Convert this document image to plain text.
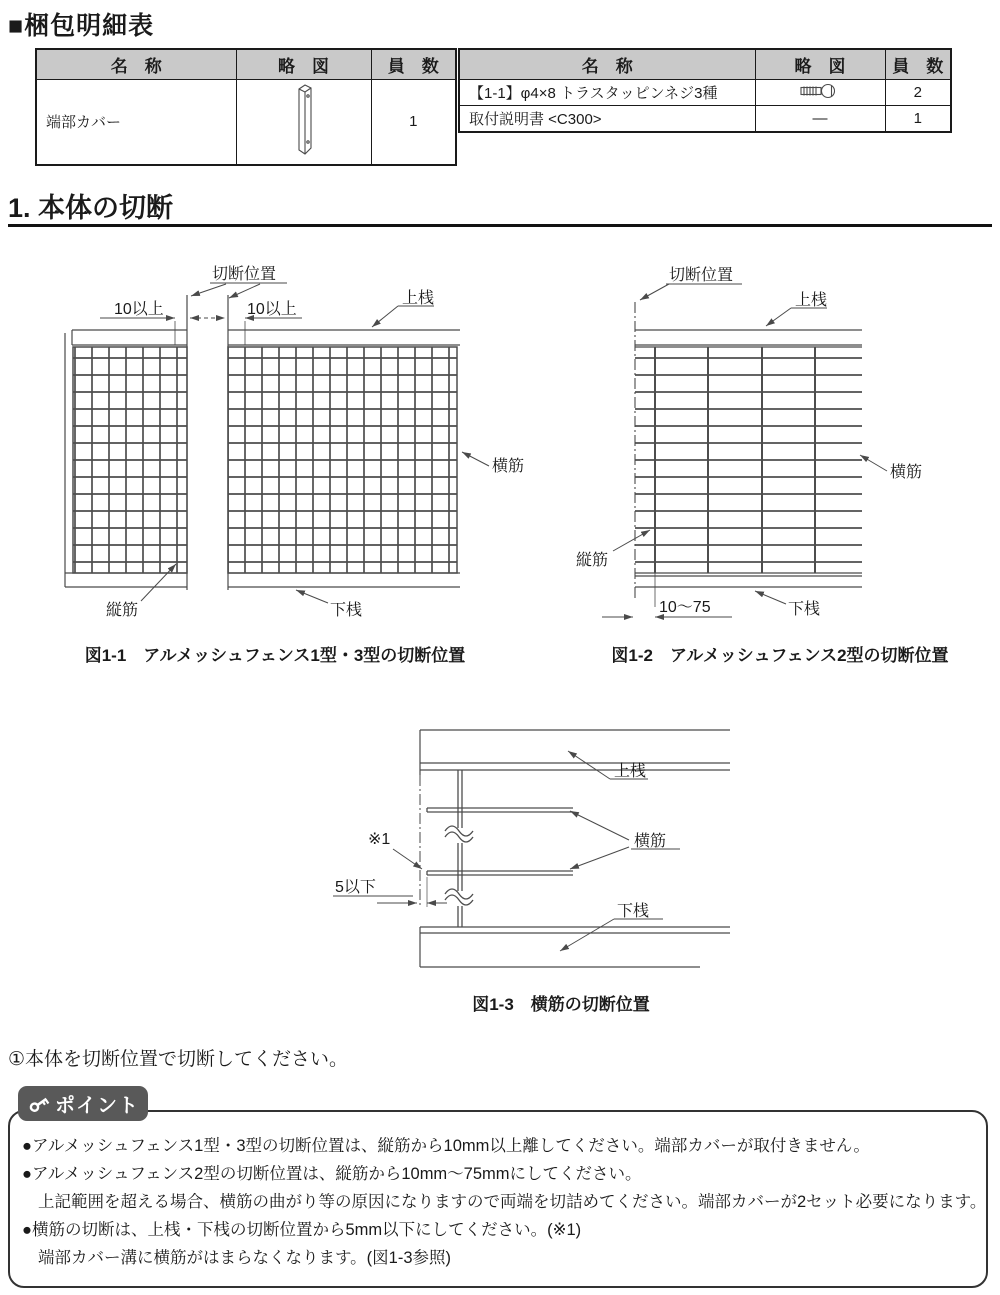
■梱包明細表
名　称	略　図	員　数
端部カバー		1
名　称	略　図	員　数
【1-1】φ4×8 トラスタッピンネジ3種		2
取付説明書 <C300>	―	1
1. 本体の切断
切断位置
10以上	10以上
上桟
横筋
縦筋	下桟
図1-1　アルメッシュフェンス1型・3型の切断位置
切断位置
上桟
横筋
縦筋
下桟
10〜75
図1-2　アルメッシュフェンス2型の切断位置
上桟
横筋
※1
5以下
下桟
図1-3　横筋の切断位置
①本体を切断位置で切断してください。
ポイント
●アルメッシュフェンス1型・3型の切断位置は、縦筋から10mm以上離してください。端部カバーが取付きません。
●アルメッシュフェンス2型の切断位置は、縦筋から10mm〜75mmにしてください。
上記範囲を超える場合、横筋の曲がり等の原因になりますので両端を切詰めてください。端部カバーが2セット必要になります。
●横筋の切断は、上桟・下桟の切断位置から5mm以下にしてください。(※1)
端部カバー溝に横筋がはまらなくなります。(図1-3参照)
